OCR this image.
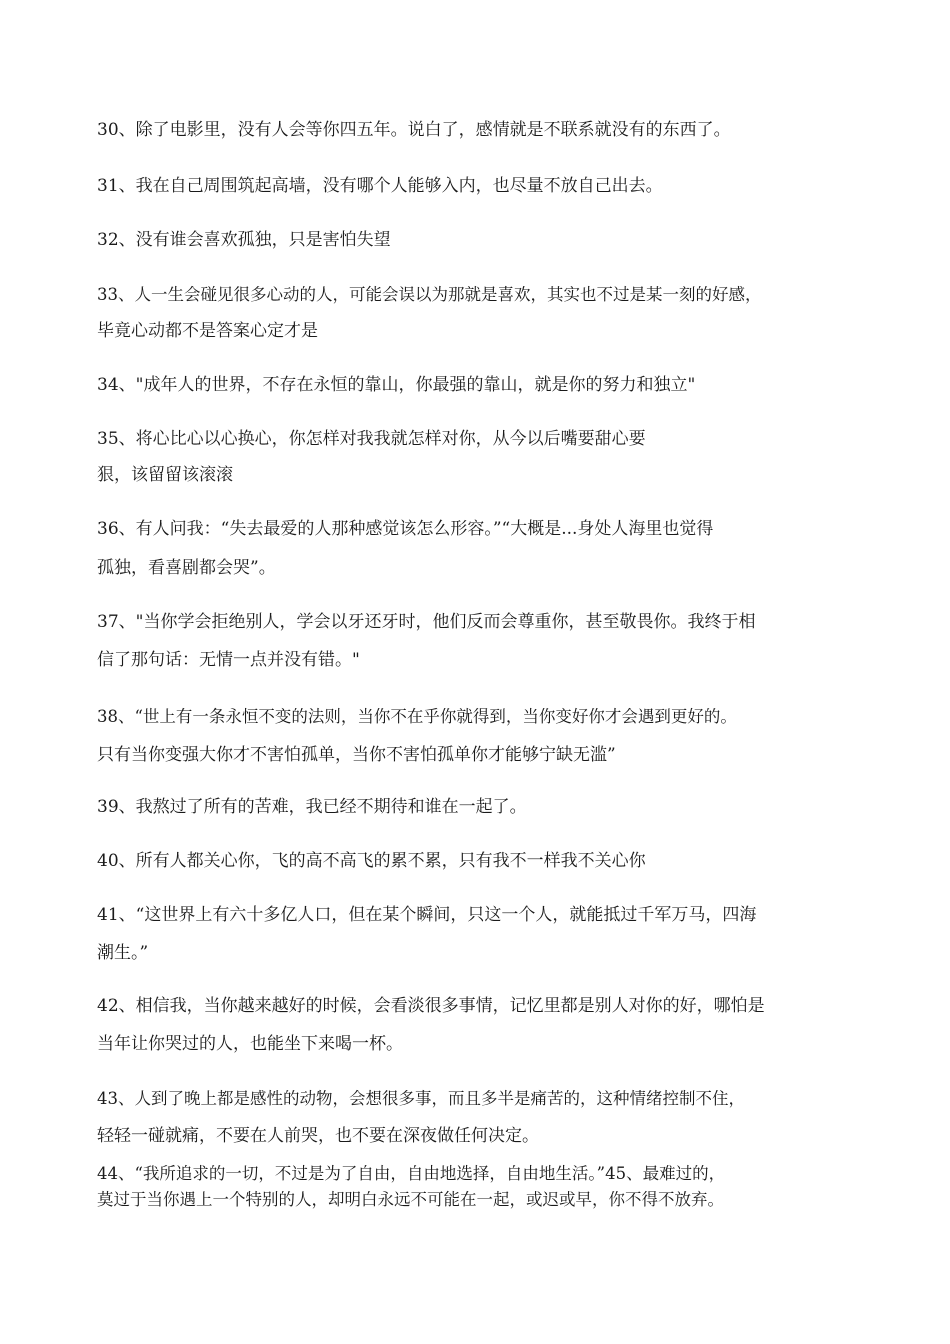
30、除了电影里，没有人会等你四五年。说白了，感情就是不联系就没有的东西了。
31、我在自己周围筑起高墙，没有哪个人能够入内，也尽量不放自己出去。
32、没有谁会喜欢孤独，只是害怕失望
33、人一生会碰见很多心动的人，可能会误以为那就是喜欢，其实也不过是某一刻的好感，
毕竟心动都不是答案心定才是
34、"成年人的世界，不存在永恒的靠山，你最强的靠山，就是你的努力和独立"
35、将心比心以心换心，你怎样对我我就怎样对你，从今以后嘴要甜心要
狠，该留留该滚滚
36、有人问我：“失去最爱的人那种感觉该怎么形容。”“大概是...身处人海里也觉得
孤独，看喜剧都会哭”。
37、"当你学会拒绝别人，学会以牙还牙时，他们反而会尊重你，甚至敬畏你。我终于相
信了那句话：无情一点并没有错。"
38、“世上有一条永恒不变的法则，当你不在乎你就得到，当你变好你才会遇到更好的。
只有当你变强大你才不害怕孤单，当你不害怕孤单你才能够宁缺无滥”
39、我熬过了所有的苦难，我已经不期待和谁在一起了。
40、所有人都关心你，飞的高不高飞的累不累，只有我不一样我不关心你
41、“这世界上有六十多亿人口，但在某个瞬间，只这一个人，就能抵过千军万马，四海
潮生。”
42、相信我，当你越来越好的时候，会看淡很多事情，记忆里都是别人对你的好，哪怕是
当年让你哭过的人，也能坐下来喝一杯。
43、人到了晚上都是感性的动物，会想很多事，而且多半是痛苦的，这种情绪控制不住，
轻轻一碰就痛，不要在人前哭，也不要在深夜做任何决定。
44、“我所追求的一切，不过是为了自由，自由地选择，自由地生活。”45、最难过的，
莫过于当你遇上一个特别的人，却明白永远不可能在一起，或迟或早，你不得不放弃。
